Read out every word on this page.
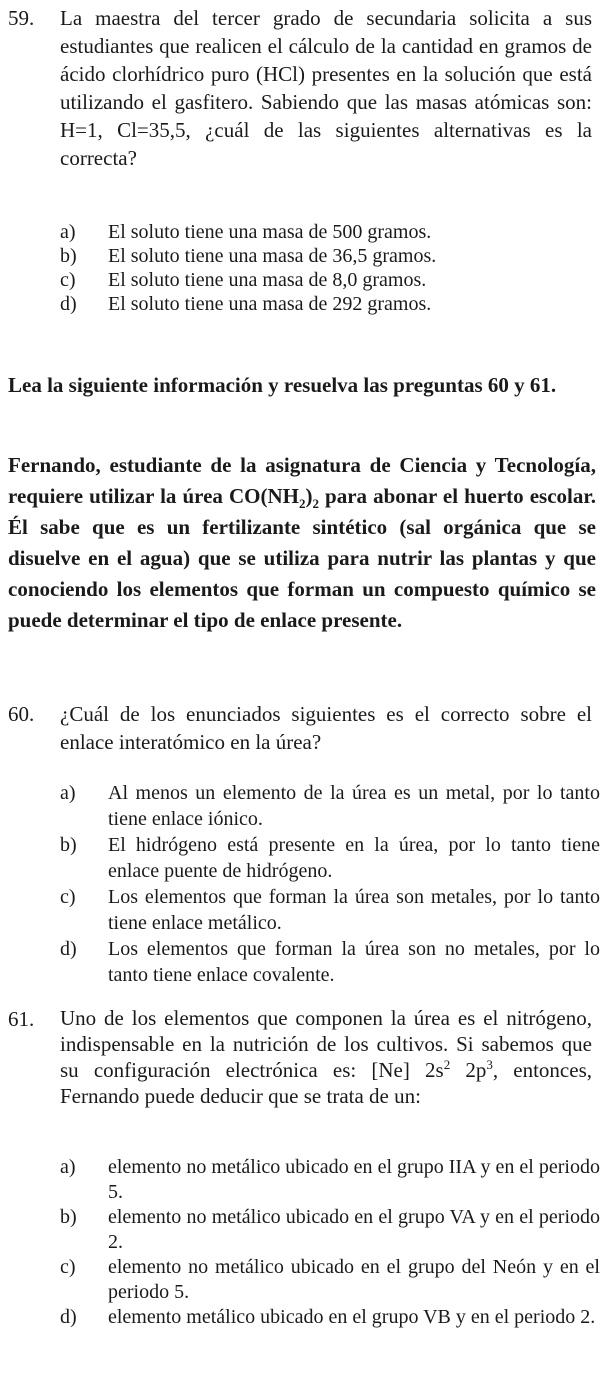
59. La maestra del tercer grado de secundaria solicita a sus estudiantes que realicen el cálculo de la cantidad en gramos de ácido clorhídrico puro (HCl) presentes en la solución que está utilizando el gasfitero. Sabiendo que las masas atómicas son: H=1, Cl=35,5, ¿cuál de las siguientes alternativas es la correcta?

a) El soluto tiene una masa de 500 gramos.
b) El soluto tiene una masa de 36,5 gramos.
c) El soluto tiene una masa de 8,0 gramos.
d) El soluto tiene una masa de 292 gramos.

Lea la siguiente información y resuelva las preguntas 60 y 61.

Fernando, estudiante de la asignatura de Ciencia y Tecnología, requiere utilizar la úrea $CO(NH_2)_2$ para abonar el huerto escolar. Él sabe que es un fertilizante sintético (sal orgánica que se disuelve en el agua) que se utiliza para nutrir las plantas y que conociendo los elementos que forman un compuesto químico se puede determinar el tipo de enlace presente.

60. ¿Cuál de los enunciados siguientes es el correcto sobre el enlace interatómico en la úrea?

a) Al menos un elemento de la úrea es un metal, por lo tanto tiene enlace iónico.
b) El hidrógeno está presente en la úrea, por lo tanto tiene enlace puente de hidrógeno.
c) Los elementos que forman la úrea son metales, por lo tanto tiene enlace metálico.
d) Los elementos que forman la úrea son no metales, por lo tanto tiene enlace covalente.
61. Uno de los elementos que componen la úrea es el nitrógeno, indispensable en la nutrición de los cultivos. Si sabemos que su configuración electrónica es: [Ne] $2s^2$ $2p^3$, entonces, Fernando puede deducir que se trata de un:

a) elemento no metálico ubicado en el grupo IIA y en el periodo 5.
b) elemento no metálico ubicado en el grupo VA y en el periodo 2.
c) elemento no metálico ubicado en el grupo del Neón y en el periodo 5.
d) elemento metálico ubicado en el grupo VB y en el periodo 2.
